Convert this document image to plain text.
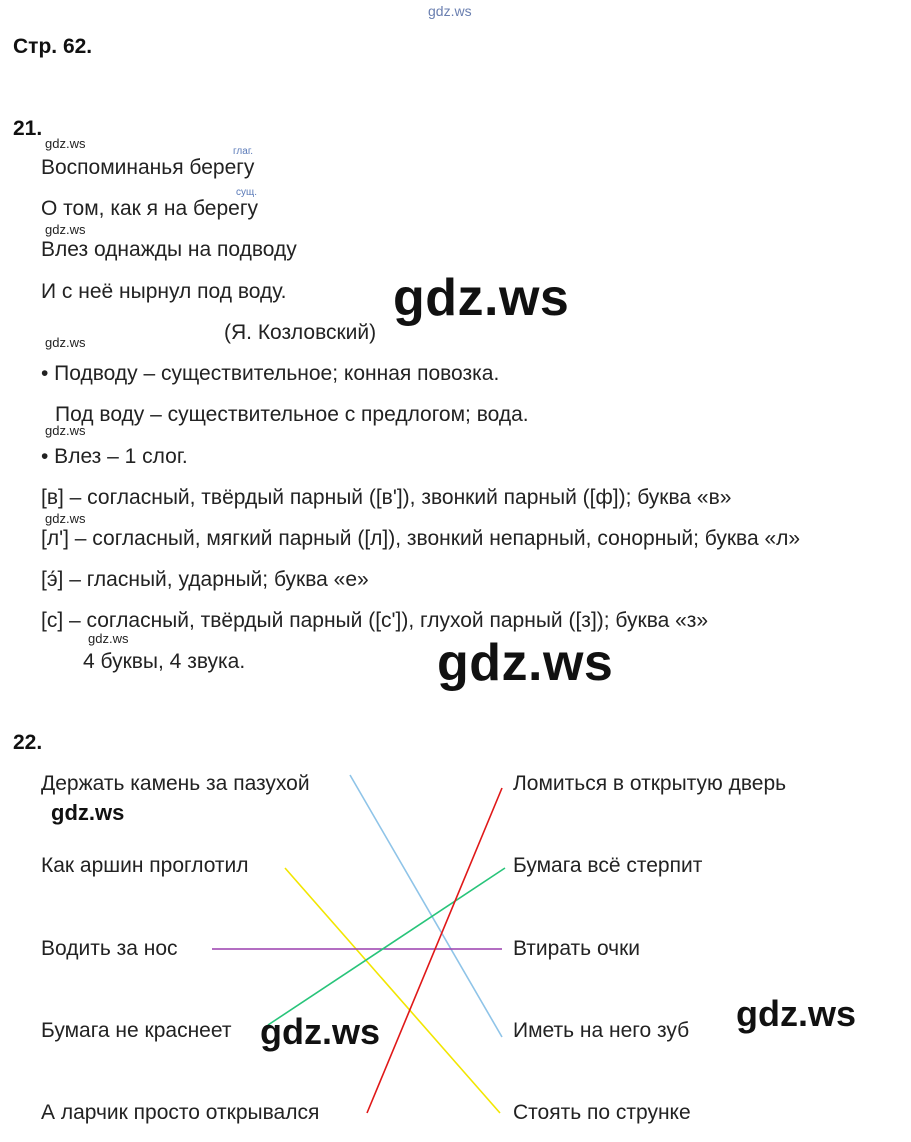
gdz.ws
Стр. 62.
21.
gdz.ws
глаг.
Воспоминанья берегу
сущ.
О том, как я на берегу
gdz.ws
Влез однажды на подводу
И с неё нырнул под воду. gdz.ws
(Я. Козловский)
gdz.ws
• Подводу – существительное; конная повозка.
Под воду – существительное с предлогом; вода.
gdz.ws
• Влез – 1 слог.
[в] – согласный, твёрдый парный ([в']), звонкий парный ([ф]); буква «в»
gdz.ws
[л'] – согласный, мягкий парный ([л]), звонкий непарный, сонорный; буква «л»
[э́] – гласный, ударный; буква «е»
[с] – согласный, твёрдый парный ([с']), глухой парный ([з]); буква «з»
gdz.ws
4 буквы, 4 звука.	gdz.ws
22.
Держать камень за пазухой
gdz.ws
Как аршин проглотил
Водить за нос
Бумага не краснеет
А ларчик просто открывался
Ломиться в открытую дверь
Бумага всё стерпит
Втирать очки
Иметь на него зуб
Стоять по струнке
gdz.ws	gdz.ws
